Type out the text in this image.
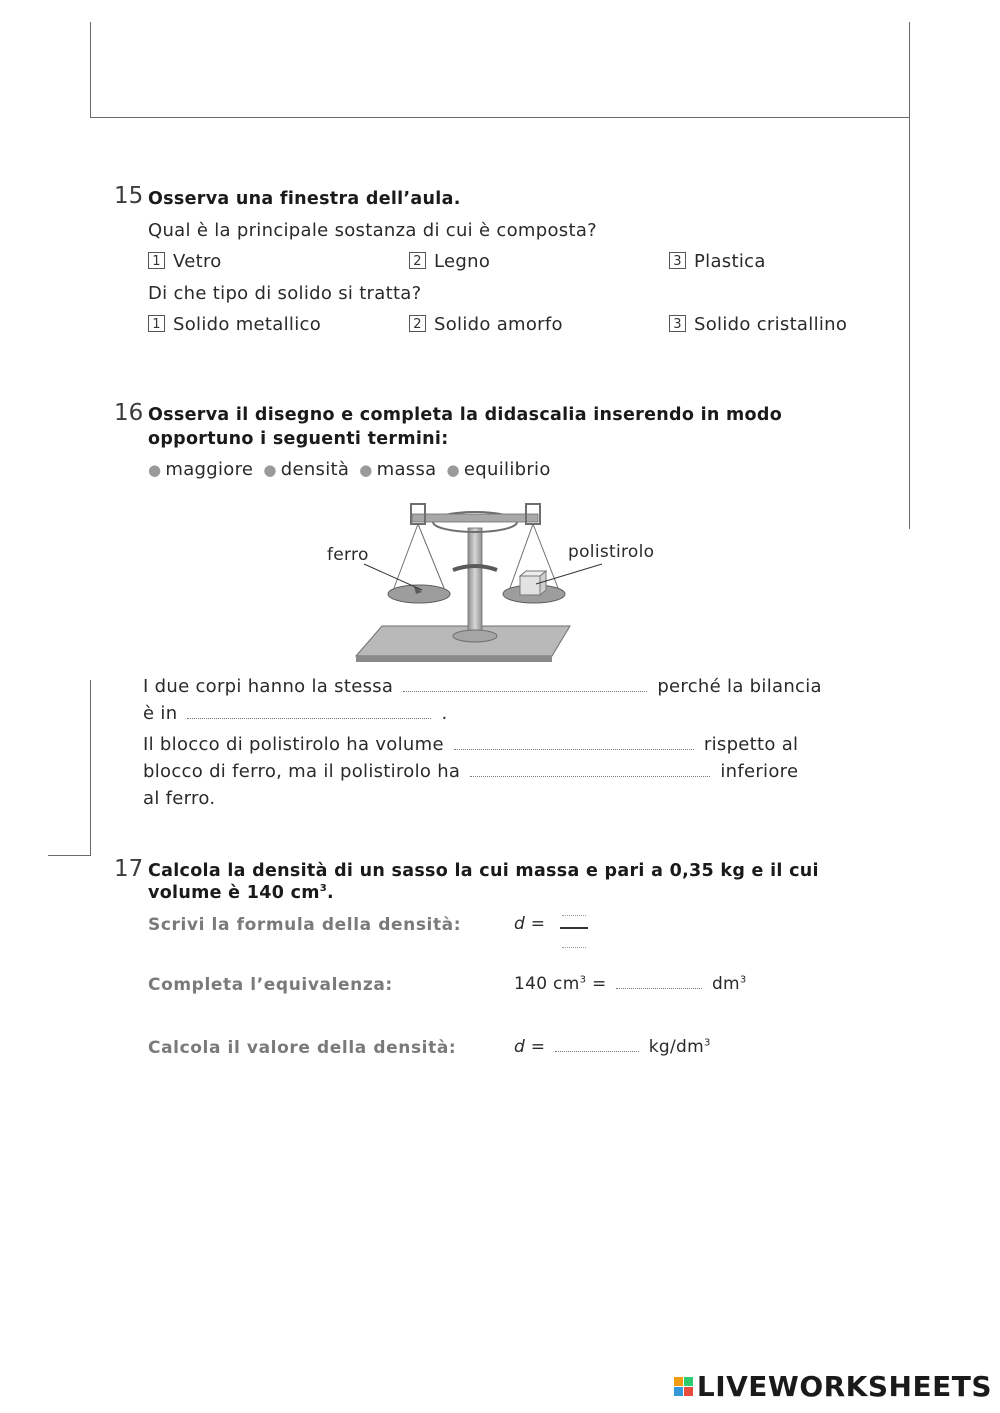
15 Osserva una finestra dell’aula.
Qual è la principale sostanza di cui è composta?
1 Vetro	2 Legno	3 Plastica
Di che tipo di solido si tratta?
1 Solido metallico	2 Solido amorfo	3 Solido cristallino
16 Osserva il disegno e completa la didascalia inserendo in modo
opportuno i seguenti termini:
● maggiore ● densità ● massa ● equilibrio
ferro	polistirolo
I due corpi hanno la stessa	perché la bilancia
è in	.
Il blocco di polistirolo ha volume	rispetto al
blocco di ferro, ma il polistirolo ha	inferiore
al ferro.
17 Calcola la densità di un sasso la cui massa e pari a 0,35 kg e il cui
volume è 140 $cm^3$.
Scrivi la formula della densità:	d =
Completa l’equivalenza:	140 $cm^3$ =	$dm^3$
Calcola il valore della densità:	d =	$kg/dm^3$
LIVEWORKSHEETS
